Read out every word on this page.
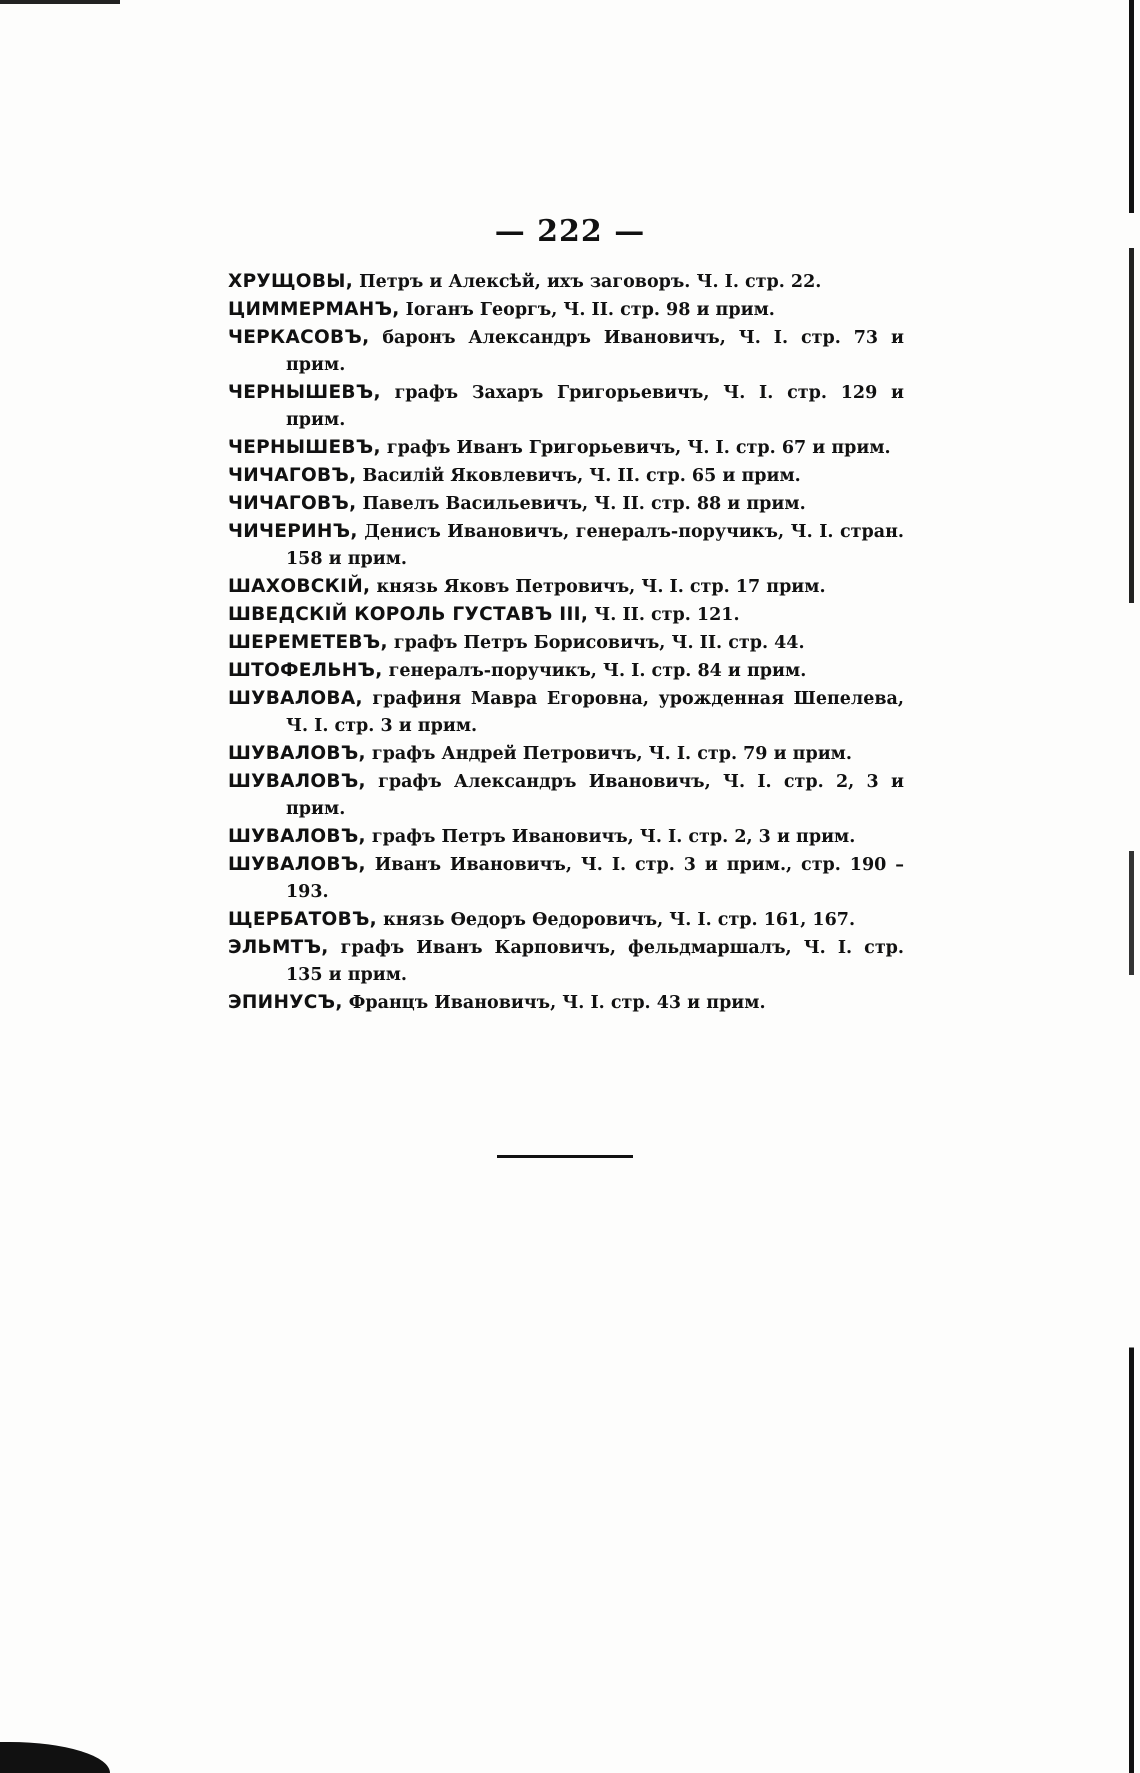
— 222 —
ХРУЩОВЫ, Петръ и Алексѣй, ихъ заговоръ. Ч. I. стр. 22.
ЦИММЕРМАНЪ, Іоганъ Георгъ, Ч. II. стр. 98 и прим.
ЧЕРКАСОВЪ, баронъ Александръ Ивановичъ, Ч. I. стр. 73 и прим.
ЧЕРНЫШЕВЪ, графъ Захаръ Григорьевичъ, Ч. I. стр. 129 и прим.
ЧЕРНЫШЕВЪ, графъ Иванъ Григорьевичъ, Ч. I. стр. 67 и прим.
ЧИЧАГОВЪ, Василій Яковлевичъ, Ч. II. стр. 65 и прим.
ЧИЧАГОВЪ, Павелъ Васильевичъ, Ч. II. стр. 88 и прим.
ЧИЧЕРИНЪ, Денисъ Ивановичъ, генералъ-поручикъ, Ч. I. стран. 158 и прим.
ШАХОВСКІЙ, князь Яковъ Петровичъ, Ч. I. стр. 17 прим.
ШВЕДСКІЙ КОРОЛЬ ГУСТАВЪ III, Ч. II. стр. 121.
ШЕРЕМЕТЕВЪ, графъ Петръ Борисовичъ, Ч. II. стр. 44.
ШТОФЕЛЬНЪ, генералъ-поручикъ, Ч. I. стр. 84 и прим.
ШУВАЛОВА, графиня Мавра Егоровна, урожденная Шепелева, Ч. I. стр. 3 и прим.
ШУВАЛОВЪ, графъ Андрей Петровичъ, Ч. I. стр. 79 и прим.
ШУВАЛОВЪ, графъ Александръ Ивановичъ, Ч. I. стр. 2, 3 и прим.
ШУВАЛОВЪ, графъ Петръ Ивановичъ, Ч. I. стр. 2, 3 и прим.
ШУВАЛОВЪ, Иванъ Ивановичъ, Ч. I. стр. 3 и прим., стр. 190 – 193.
ЩЕРБАТОВЪ, князь Ѳедоръ Ѳедоровичъ, Ч. I. стр. 161, 167.
ЭЛЬМТЪ, графъ Иванъ Карповичъ, фельдмаршалъ, Ч. I. стр. 135 и прим.
ЭПИНУСЪ, Францъ Ивановичъ, Ч. I. стр. 43 и прим.
